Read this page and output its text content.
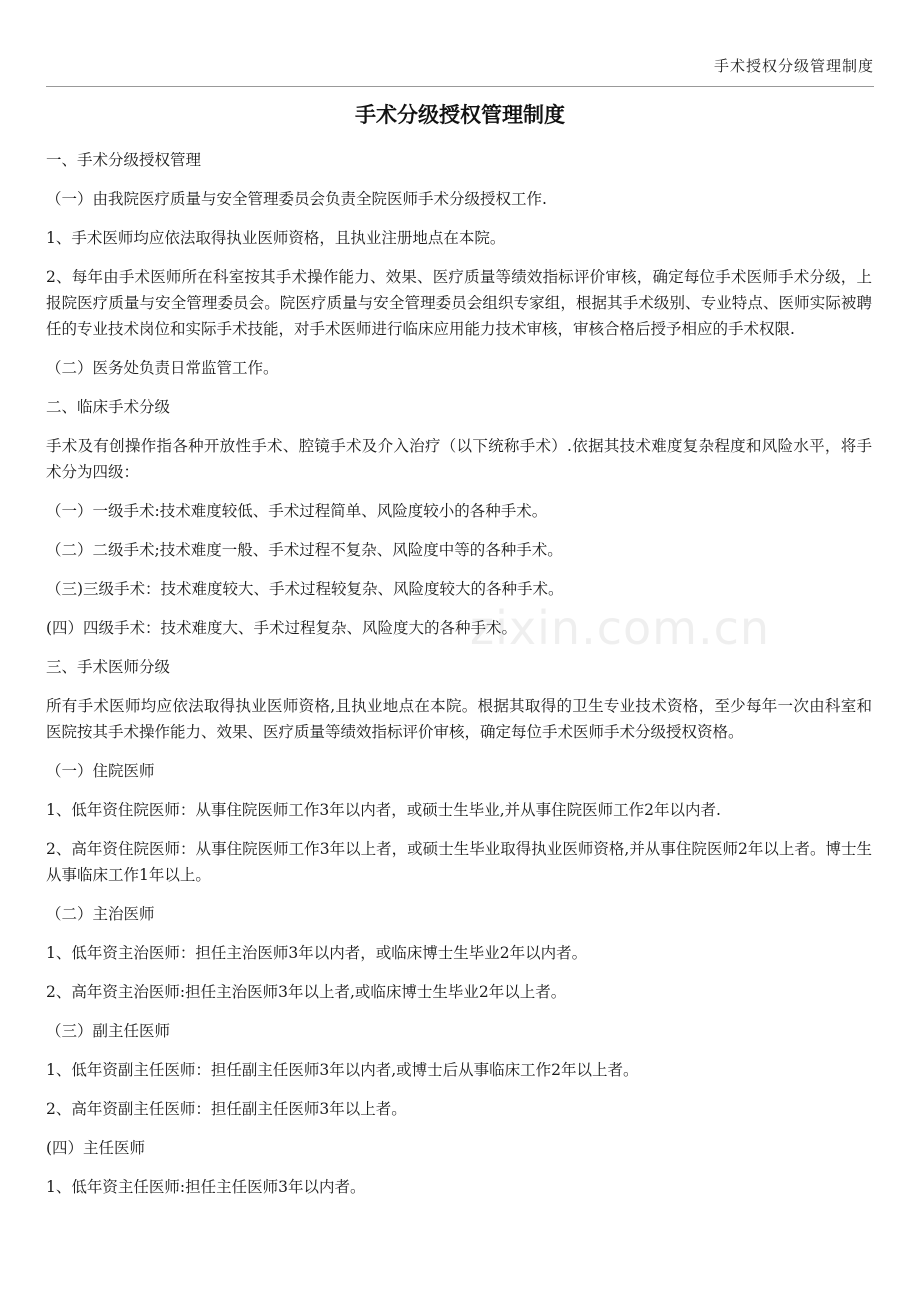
手术授权分级管理制度
手术分级授权管理制度

一、手术分级授权管理

（一）由我院医疗质量与安全管理委员会负责全院医师手术分级授权工作.

1、手术医师均应依法取得执业医师资格，且执业注册地点在本院。

2、每年由手术医师所在科室按其手术操作能力、效果、医疗质量等绩效指标评价审核，确定每位手术医师手术分级，上报院医疗质量与安全管理委员会。院医疗质量与安全管理委员会组织专家组，根据其手术级别、专业特点、医师实际被聘任的专业技术岗位和实际手术技能，对手术医师进行临床应用能力技术审核，审核合格后授予相应的手术权限.

（二）医务处负责日常监管工作。

二、临床手术分级

手术及有创操作指各种开放性手术、腔镜手术及介入治疗（以下统称手术）.依据其技术难度复杂程度和风险水平，将手术分为四级：

（一）一级手术:技术难度较低、手术过程简单、风险度较小的各种手术。

（二）二级手术;技术难度一般、手术过程不复杂、风险度中等的各种手术。

（三)三级手术：技术难度较大、手术过程较复杂、风险度较大的各种手术。

(四）四级手术：技术难度大、手术过程复杂、风险度大的各种手术。

三、手术医师分级

所有手术医师均应依法取得执业医师资格,且执业地点在本院。根据其取得的卫生专业技术资格，至少每年一次由科室和医院按其手术操作能力、效果、医疗质量等绩效指标评价审核，确定每位手术医师手术分级授权资格。

（一）住院医师

1、低年资住院医师：从事住院医师工作3年以内者，或硕士生毕业,并从事住院医师工作2年以内者.

2、高年资住院医师：从事住院医师工作3年以上者，或硕士生毕业取得执业医师资格,并从事住院医师2年以上者。博士生从事临床工作1年以上。

（二）主治医师

1、低年资主治医师：担任主治医师3年以内者，或临床博士生毕业2年以内者。

2、高年资主治医师:担任主治医师3年以上者,或临床博士生毕业2年以上者。

（三）副主任医师

1、低年资副主任医师：担任副主任医师3年以内者,或博士后从事临床工作2年以上者。

2、高年资副主任医师：担任副主任医师3年以上者。

(四）主任医师

1、低年资主任医师:担任主任医师3年以内者。

zixin.com.cn
